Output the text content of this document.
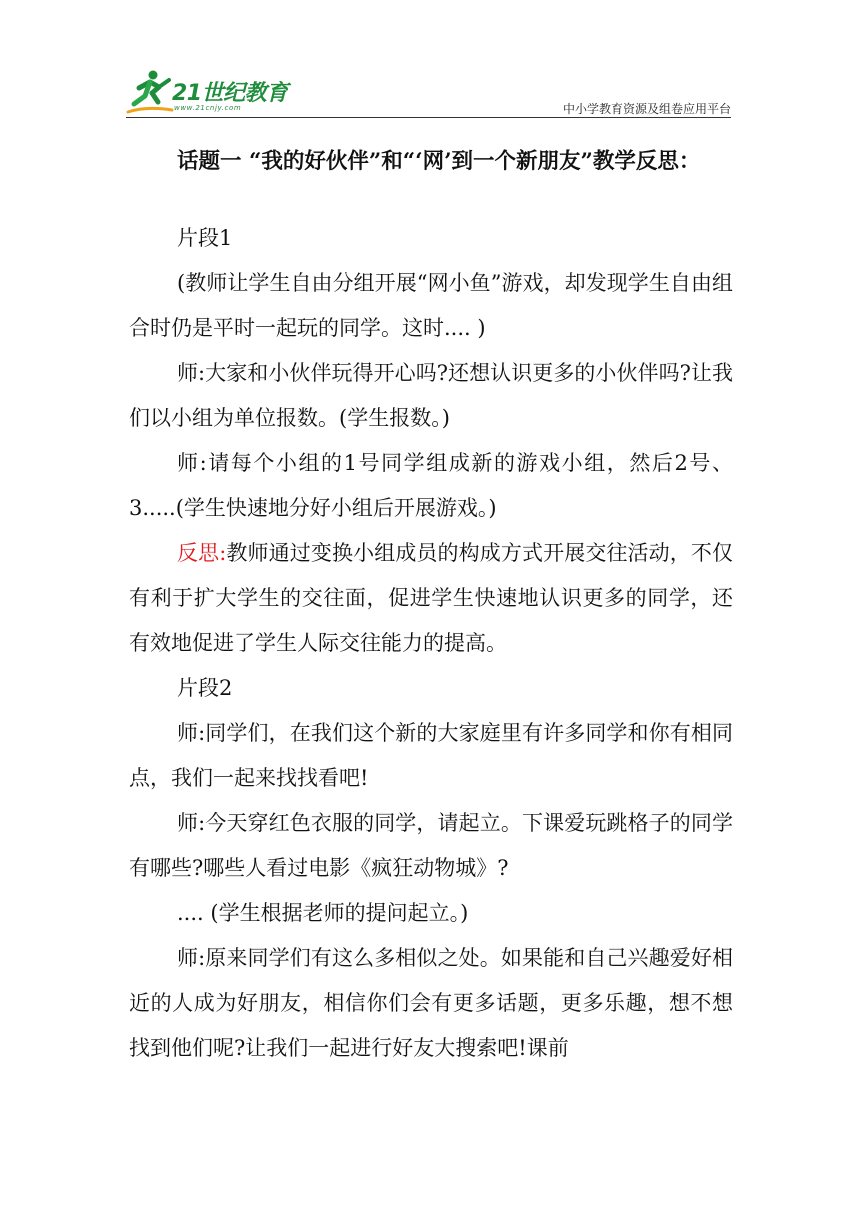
21世纪教育
www.21cnjy.com	中小学教育资源及组卷应用平台

话题一 “我的好伙伴”和“‘网’到一个新朋友”教学反思：

片段1

(教师让学生自由分组开展“网小鱼”游戏，却发现学生自由组合时仍是平时一起玩的同学。这时.... )

师:大家和小伙伴玩得开心吗?还想认识更多的小伙伴吗?让我们以小组为单位报数。(学生报数。)

师:请每个小组的1号同学组成新的游戏小组，然后2号、3.....(学生快速地分好小组后开展游戏。)

反思:教师通过变换小组成员的构成方式开展交往活动，不仅有利于扩大学生的交往面，促进学生快速地认识更多的同学，还有效地促进了学生人际交往能力的提高。

片段2

师:同学们，在我们这个新的大家庭里有许多同学和你有相同点，我们一起来找找看吧!

师:今天穿红色衣服的同学，请起立。下课爱玩跳格子的同学有哪些?哪些人看过电影《疯狂动物城》?

.... (学生根据老师的提问起立。)

师:原来同学们有这么多相似之处。如果能和自己兴趣爱好相近的人成为好朋友，相信你们会有更多话题，更多乐趣，想不想找到他们呢?让我们一起进行好友大搜索吧!课前
